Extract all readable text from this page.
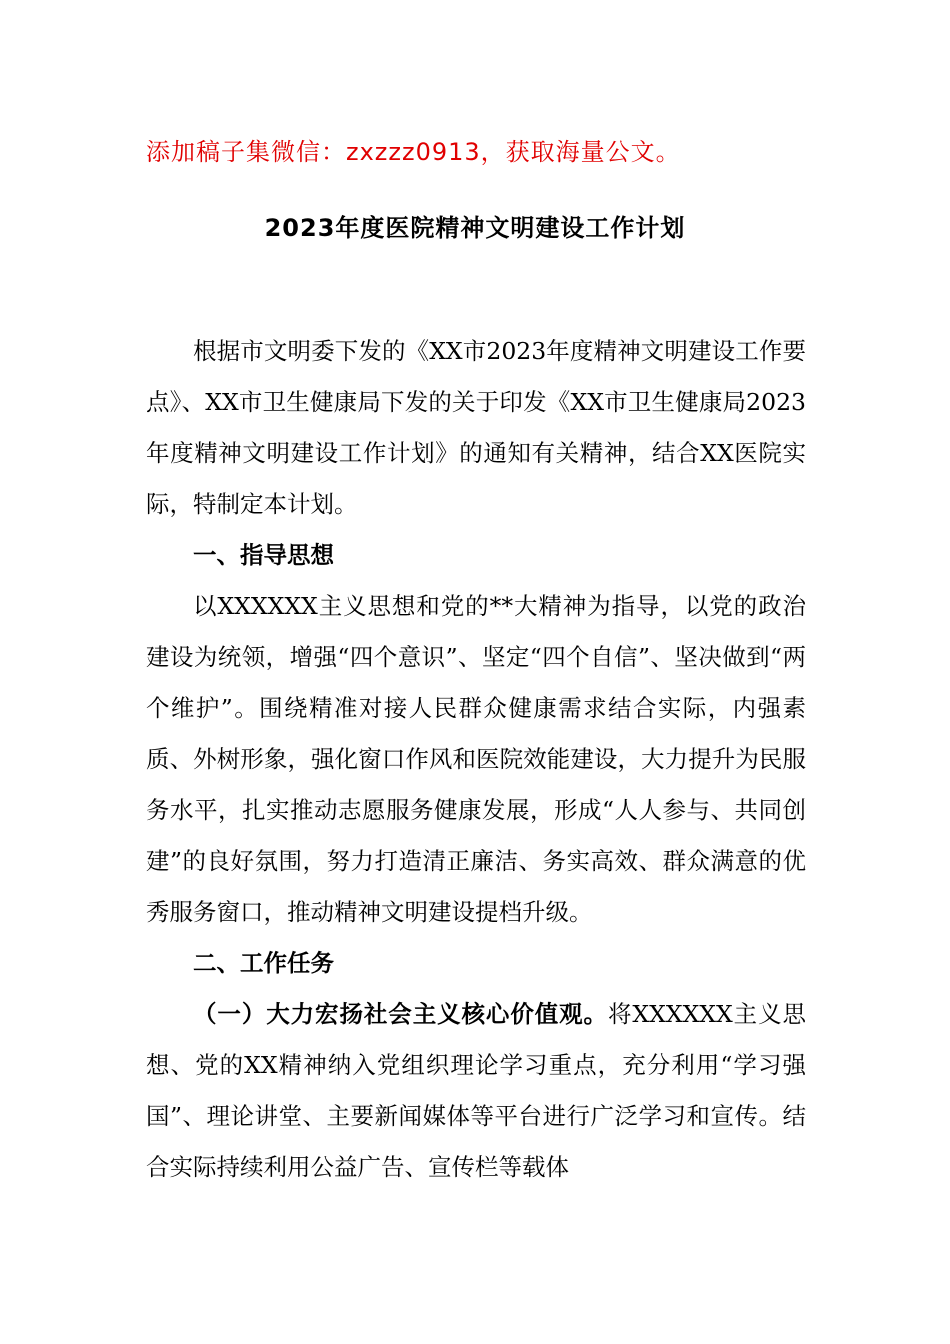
添加稿子集微信：zxzzz0913，获取海量公文。
2023年度医院精神文明建设工作计划

根据市文明委下发的《XX市2023年度精神文明建设工作要点》、XX市卫生健康局下发的关于印发《XX市卫生健康局2023年度精神文明建设工作计划》的通知有关精神，结合XX医院实际，特制定本计划。

一、指导思想

以XXXXXX主义思想和党的**大精神为指导，以党的政治建设为统领，增强“四个意识”、坚定“四个自信”、坚决做到“两个维护”。围绕精准对接人民群众健康需求结合实际，内强素质、外树形象，强化窗口作风和医院效能建设，大力提升为民服务水平，扎实推动志愿服务健康发展，形成“人人参与、共同创建”的良好氛围，努力打造清正廉洁、务实高效、群众满意的优秀服务窗口，推动精神文明建设提档升级。

二、工作任务

（一）大力宏扬社会主义核心价值观。将XXXXXX主义思想、党的XX精神纳入党组织理论学习重点，充分利用“学习强国”、理论讲堂、主要新闻媒体等平台进行广泛学习和宣传。结合实际持续利用公益广告、宣传栏等载体
